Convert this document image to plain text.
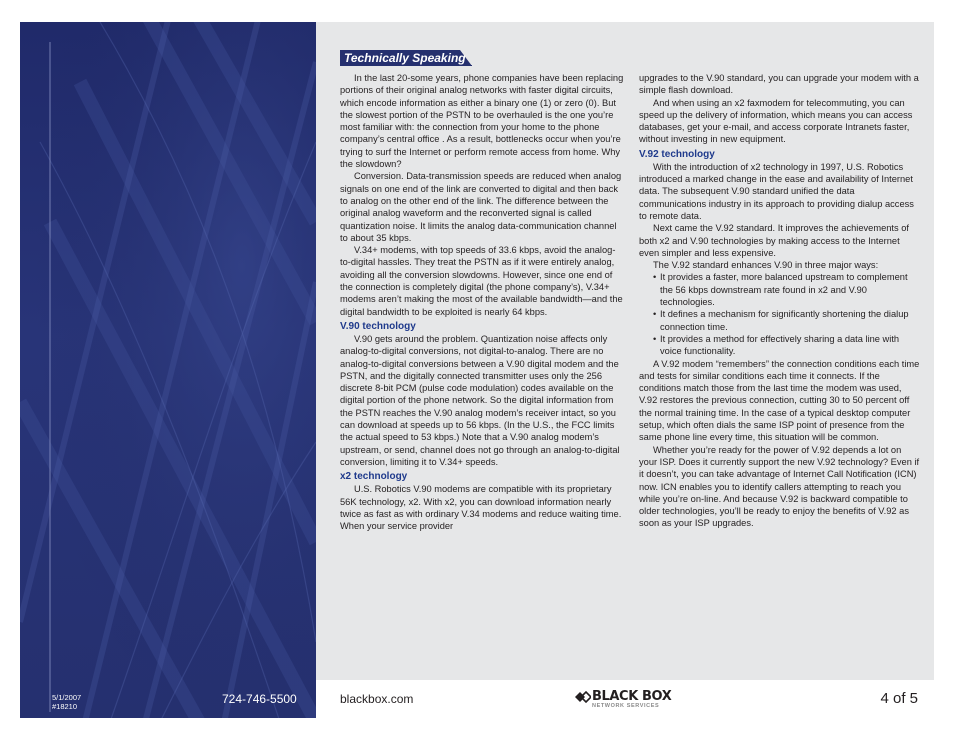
Technically Speaking

In the last 20-some years, phone companies have been replacing portions of their original analog networks with faster digital circuits, which encode information as either a binary one (1) or zero (0). But the slowest portion of the PSTN to be overhauled is the one you’re most familiar with: the connection from your home to the phone company’s central office . As a result, bottlenecks occur when you’re trying to surf the Internet or perform remote access from home. Why the slowdown?

Conversion. Data-transmission speeds are reduced when analog signals on one end of the link are converted to digital and then back to analog on the other end of the link. The difference between the original analog waveform and the reconverted signal is called quantization noise. It limits the analog data-communication channel to about 35 kbps.

V.34+ modems, with top speeds of 33.6 kbps, avoid the analog-to-digital hassles. They treat the PSTN as if it were entirely analog, avoiding all the conversion slowdowns. However, since one end of the connection is completely digital (the phone company’s), V.34+ modems aren’t making the most of the available bandwidth—and the digital bandwidth to be exploited is nearly 64 kbps.

V.90 technology

V.90 gets around the problem. Quantization noise affects only analog-to-digital conversions, not digital-to-analog. There are no analog-to-digital conversions between a V.90 digital modem and the PSTN, and the digitally connected transmitter uses only the 256 discrete 8-bit PCM (pulse code modulation) codes available on the digital portion of the phone network. So the digital information from the PSTN reaches the V.90 analog modem’s receiver intact, so you can download at speeds up to 56 kbps. (In the U.S., the FCC limits the actual speed to 53 kbps.) Note that a V.90 analog modem’s upstream, or send, channel does not go through an analog-to-digital conversion, limiting it to V.34+ speeds.

x2 technology

U.S. Robotics V.90 modems are compatible with its proprietary 56K technology, x2. With x2, you can download information nearly twice as fast as with ordinary V.34 modems and reduce waiting time. When your service provider

upgrades to the V.90 standard, you can upgrade your modem with a simple flash download.

And when using an x2 faxmodem for telecommuting, you can speed up the delivery of information, which means you can access databases, get your e-mail, and access corporate Intranets faster, without investing in new equipment.

V.92 technology

With the introduction of x2 technology in 1997, U.S. Robotics introduced a marked change in the ease and availability of Internet data. The subsequent V.90 standard unified the data communications industry in its approach to providing dialup access to remote data.

Next came the V.92 standard. It improves the achievements of both x2 and V.90 technologies by making access to the Internet even simpler and less expensive.

The V.92 standard enhances V.90 in three major ways:

• It provides a faster, more balanced upstream to complement the 56 kbps downstream rate found in x2 and V.90 technologies.
• It defines a mechanism for significantly shortening the dialup connection time.
• It provides a method for effectively sharing a data line with voice functionality.

A V.92 modem “remembers” the connection conditions each time and tests for similar conditions each time it connects. If the conditions match those from the last time the modem was used, V.92 restores the previous connection, cutting 30 to 50 percent off the normal training time. In the case of a typical desktop computer setup, which often dials the same ISP point of presence from the same phone line every time, this situation will be common.

Whether you’re ready for the power of V.92 depends a lot on your ISP. Does it currently support the new V.92 technology? Even if it doesn’t, you can take advantage of Internet Call Notification (ICN) now. ICN enables you to identify callers attempting to reach you while you’re on-line. And because V.92 is backward compatible to older technologies, you’ll be ready to enjoy the benefits of V.92 as soon as your ISP upgrades.

5/1/2007
#18210
724-746-5500	blackbox.com	BLACK BOX
NETWORK SERVICES	4 of 5
